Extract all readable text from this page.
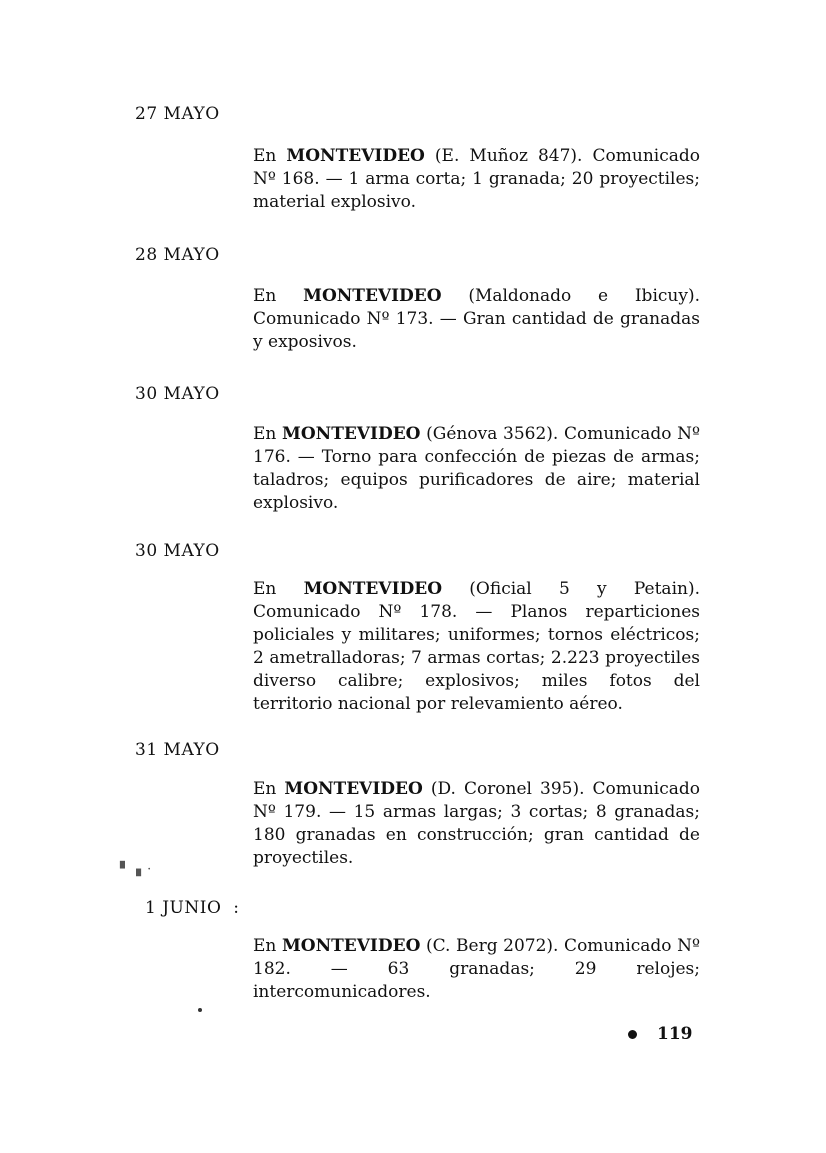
27 MAYO
En MONTEVIDEO (E. Muñoz 847). Comunicado Nº 168. — 1 arma corta; 1 granada; 20 proyectiles; material explosivo.
28 MAYO
En MONTEVIDEO (Maldonado e Ibicuy). Comunicado Nº 173. — Gran cantidad de granadas y exposivos.
30 MAYO
En MONTEVIDEO (Génova 3562). Comunicado Nº 176. — Torno para confección de piezas de armas; taladros; equipos purificadores de aire; material explosivo.
30 MAYO
En MONTEVIDEO (Oficial 5 y Petain). Comunicado Nº 178. — Planos reparticiones policiales y militares; uniformes; tornos eléctricos; 2 ametralladoras; 7 armas cortas; 2.223 proyectiles diverso calibre; explosivos; miles fotos del territorio nacional por relevamiento aéreo.
31 MAYO
En MONTEVIDEO (D. Coronel 395). Comunicado Nº 179. — 15 armas largas; 3 cortas; 8 granadas; 180 granadas en construcción; gran cantidad de proyectiles.
▘▗ ·
1 JUNIO  :
En MONTEVIDEO (C. Berg 2072). Comunicado Nº 182. — 63 granadas; 29 relojes; intercomunicadores.
119
